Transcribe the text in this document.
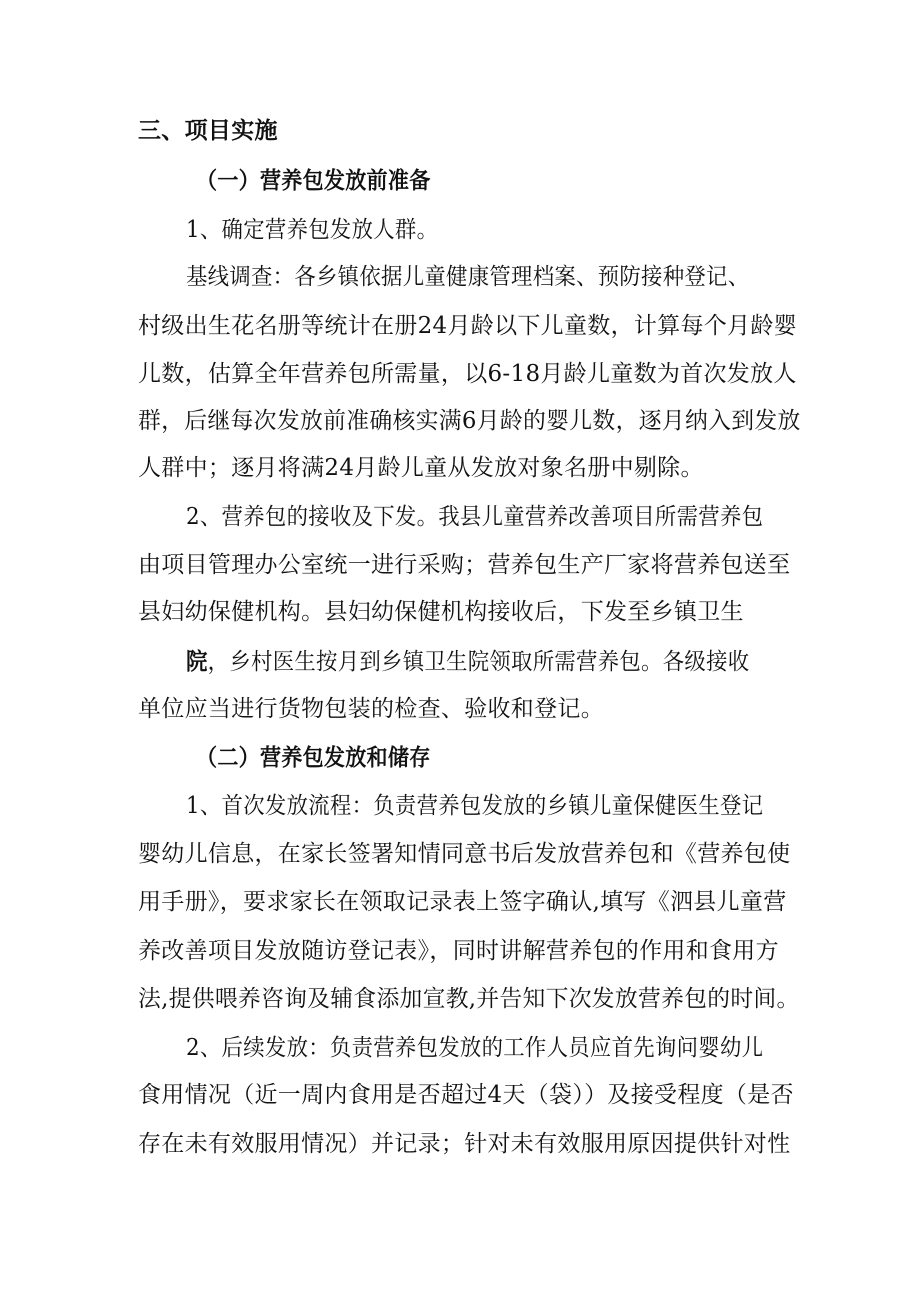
三、项目实施
（一）营养包发放前准备
1、确定营养包发放人群。
基线调查：各乡镇依据儿童健康管理档案、预防接种登记、
村级出生花名册等统计在册24月龄以下儿童数，计算每个月龄婴
儿数，估算全年营养包所需量，以6-18月龄儿童数为首次发放人
群，后继每次发放前准确核实满6月龄的婴儿数，逐月纳入到发放
人群中；逐月将满24月龄儿童从发放对象名册中剔除。
2、营养包的接收及下发。我县儿童营养改善项目所需营养包
由项目管理办公室统一进行采购；营养包生产厂家将营养包送至
县妇幼保健机构。县妇幼保健机构接收后，下发至乡镇卫生
院，乡村医生按月到乡镇卫生院领取所需营养包。各级接收
单位应当进行货物包装的检查、验收和登记。
（二）营养包发放和储存
1、首次发放流程：负责营养包发放的乡镇儿童保健医生登记
婴幼儿信息，在家长签署知情同意书后发放营养包和《营养包使
用手册》，要求家长在领取记录表上签字确认,填写《泗县儿童营
养改善项目发放随访登记表》，同时讲解营养包的作用和食用方
法,提供喂养咨询及辅食添加宣教,并告知下次发放营养包的时间。
2、后续发放：负责营养包发放的工作人员应首先询问婴幼儿
食用情况（近一周内食用是否超过4天（袋））及接受程度（是否
存在未有效服用情况）并记录；针对未有效服用原因提供针对性
